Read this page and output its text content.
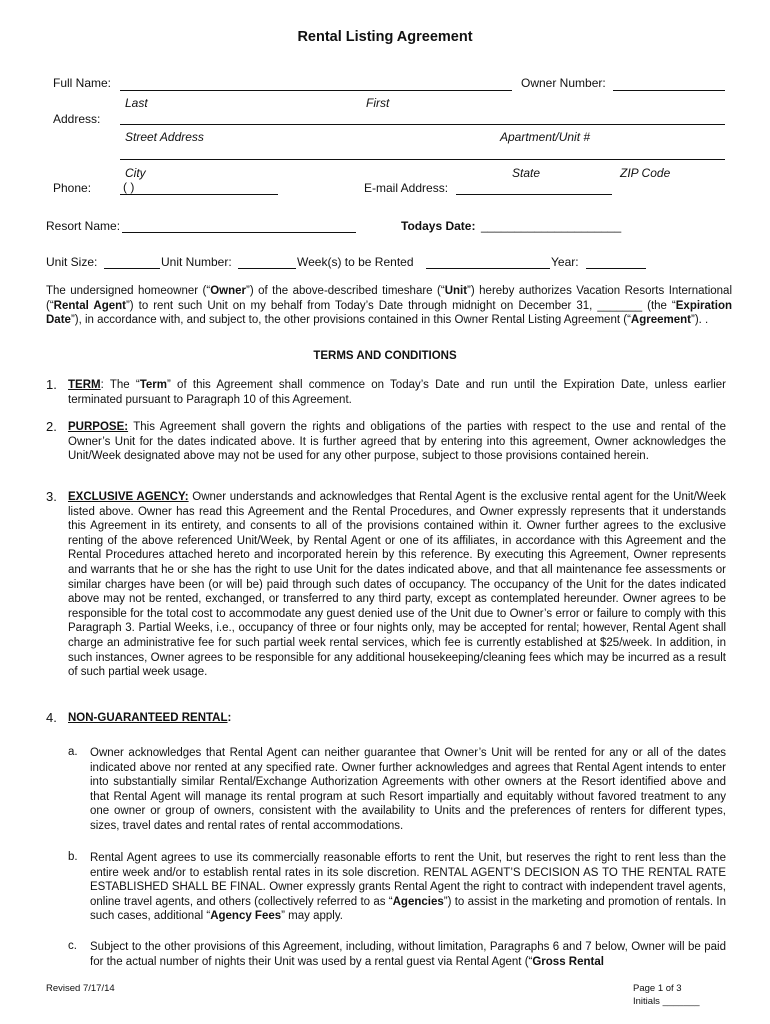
Rental Listing Agreement
Full Name:	Owner Number:
Last	First
Address:
Street Address	Apartment/Unit #
City	State	ZIP Code
Phone:	( )	E-mail Address:
Resort Name:	Todays Date: _____________________
Unit Size:	Unit Number:	Week(s) to be Rented	Year:
The undersigned homeowner (“Owner”) of the above-described timeshare (“Unit”) hereby authorizes Vacation Resorts International (“Rental Agent”) to rent such Unit on my behalf from Today’s Date through midnight on December 31, _______ (the “Expiration Date”), in accordance with, and subject to, the other provisions contained in this Owner Rental Listing Agreement (“Agreement”). .
TERMS AND CONDITIONS
1. TERM: The “Term” of this Agreement shall commence on Today’s Date and run until the Expiration Date, unless earlier terminated pursuant to Paragraph 10 of this Agreement.
2. PURPOSE: This Agreement shall govern the rights and obligations of the parties with respect to the use and rental of the Owner’s Unit for the dates indicated above. It is further agreed that by entering into this agreement, Owner acknowledges the Unit/Week designated above may not be used for any other purpose, subject to those provisions contained herein.
3. EXCLUSIVE AGENCY: Owner understands and acknowledges that Rental Agent is the exclusive rental agent for the Unit/Week listed above. Owner has read this Agreement and the Rental Procedures, and Owner expressly represents that it understands this Agreement in its entirety, and consents to all of the provisions contained within it. Owner further agrees to the exclusive renting of the above referenced Unit/Week, by Rental Agent or one of its affiliates, in accordance with this Agreement and the Rental Procedures attached hereto and incorporated herein by this reference. By executing this Agreement, Owner represents and warrants that he or she has the right to use Unit for the dates indicated above, and that all maintenance fee assessments or similar charges have been (or will be) paid through such dates of occupancy. The occupancy of the Unit for the dates indicated above may not be rented, exchanged, or transferred to any third party, except as contemplated hereunder. Owner agrees to be responsible for the total cost to accommodate any guest denied use of the Unit due to Owner’s error or failure to comply with this Paragraph 3. Partial Weeks, i.e., occupancy of three or four nights only, may be accepted for rental; however, Rental Agent shall charge an administrative fee for such partial week rental services, which fee is currently established at $25/week. In addition, in such instances, Owner agrees to be responsible for any additional housekeeping/cleaning fees which may be incurred as a result of such partial week usage.
4. NON-GUARANTEED RENTAL:
a. Owner acknowledges that Rental Agent can neither guarantee that Owner’s Unit will be rented for any or all of the dates indicated above nor rented at any specified rate. Owner further acknowledges and agrees that Rental Agent intends to enter into substantially similar Rental/Exchange Authorization Agreements with other owners at the Resort identified above and that Rental Agent will manage its rental program at such Resort impartially and equitably without favored treatment to any one owner or group of owners, consistent with the availability to Units and the preferences of renters for different types, sizes, travel dates and rental rates of rental accommodations.
b. Rental Agent agrees to use its commercially reasonable efforts to rent the Unit, but reserves the right to rent less than the entire week and/or to establish rental rates in its sole discretion. RENTAL AGENT’S DECISION AS TO THE RENTAL RATE ESTABLISHED SHALL BE FINAL. Owner expressly grants Rental Agent the right to contract with independent travel agents, online travel agents, and others (collectively referred to as “Agencies”) to assist in the marketing and promotion of rentals. In such cases, additional “Agency Fees” may apply.
c. Subject to the other provisions of this Agreement, including, without limitation, Paragraphs 6 and 7 below, Owner will be paid for the actual number of nights their Unit was used by a rental guest via Rental Agent (“Gross Rental
Revised 7/17/14	Page 1 of 3
Initials _______
